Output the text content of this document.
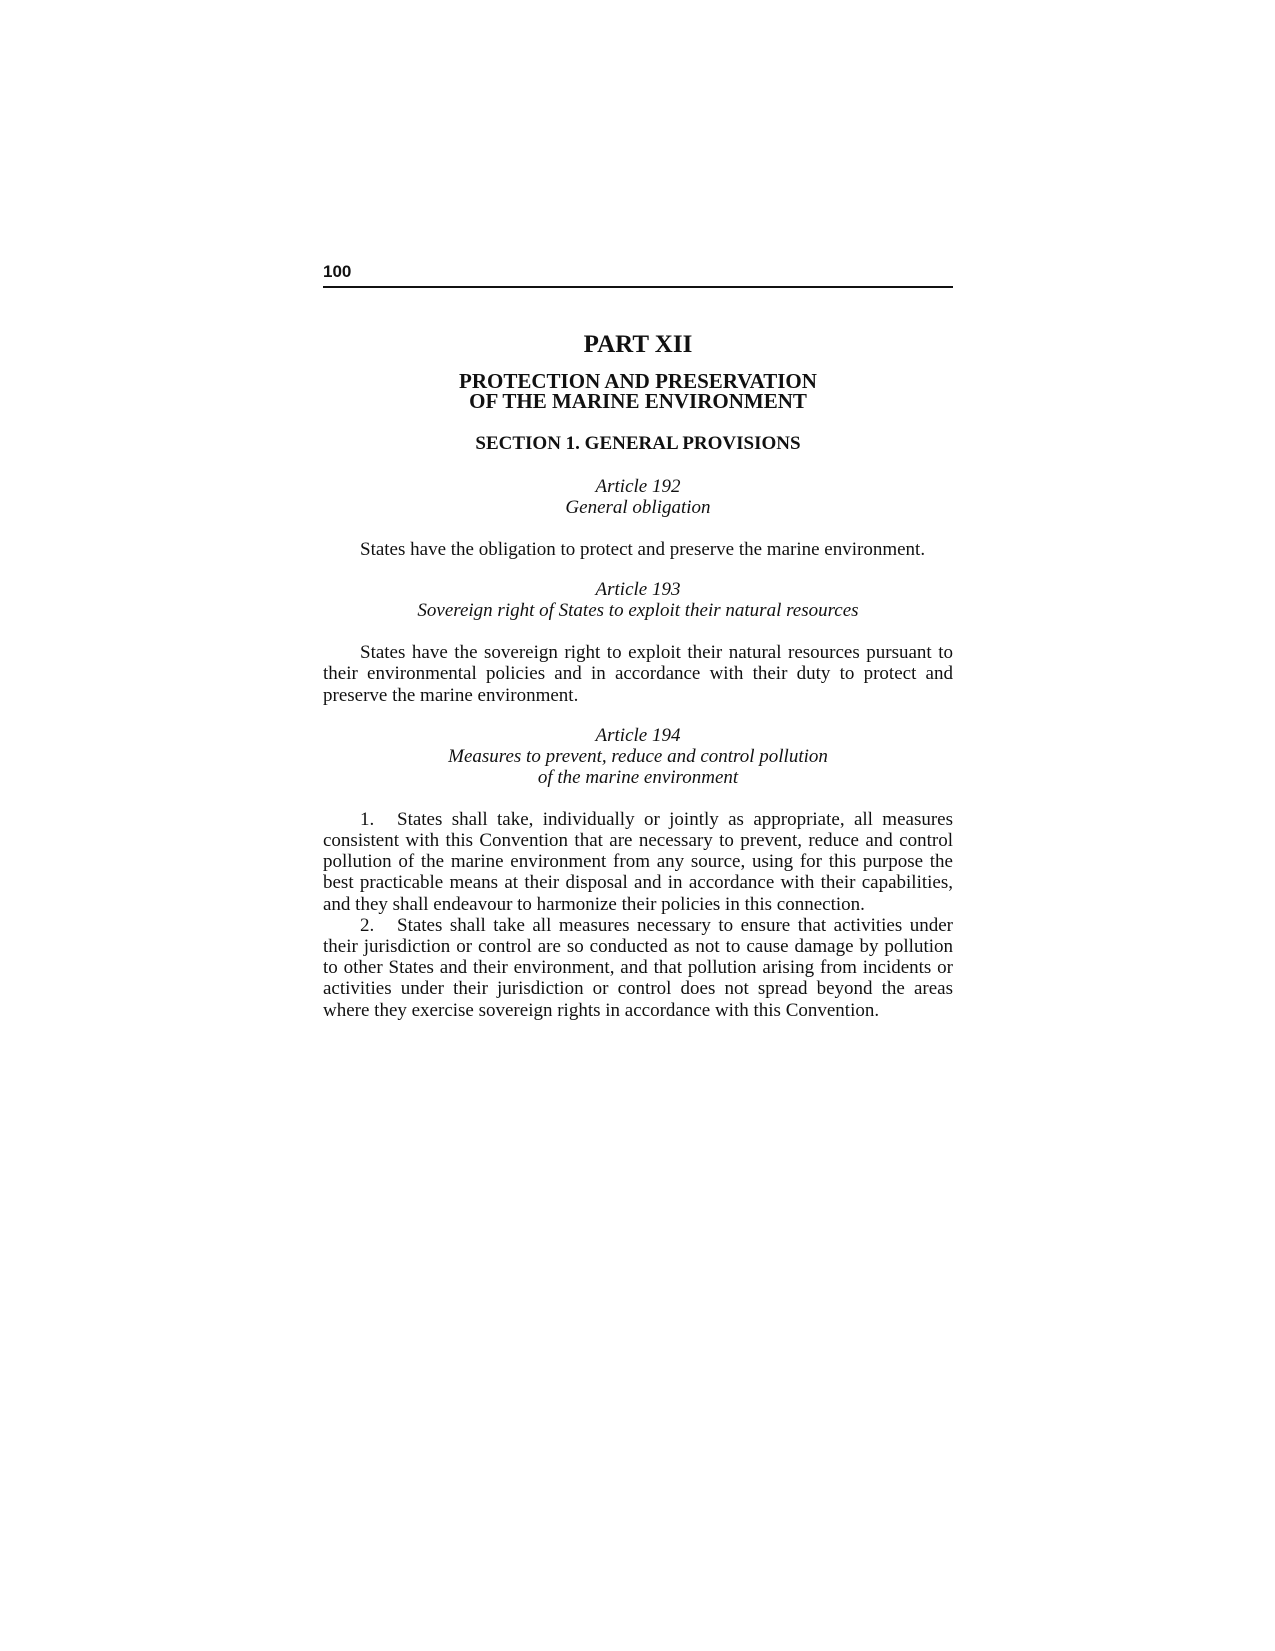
100
PART XII
PROTECTION AND PRESERVATION
OF THE MARINE ENVIRONMENT
SECTION 1. GENERAL PROVISIONS
Article 192
General obligation

States have the obligation to protect and preserve the marine environment.

Article 193
Sovereign right of States to exploit their natural resources

States have the sovereign right to exploit their natural resources pursuant to their environmental policies and in accordance with their duty to protect and preserve the marine environment.

Article 194
Measures to prevent, reduce and control pollution
of the marine environment

1. States shall take, individually or jointly as appropriate, all measures consistent with this Convention that are necessary to prevent, reduce and control pollution of the marine environment from any source, using for this purpose the best practicable means at their disposal and in accordance with their capabilities, and they shall endeavour to harmonize their policies in this connection.

2. States shall take all measures necessary to ensure that activities under their jurisdiction or control are so conducted as not to cause damage by pollution to other States and their environment, and that pollution arising from incidents or activities under their jurisdiction or control does not spread beyond the areas where they exercise sovereign rights in accordance with this Convention.
